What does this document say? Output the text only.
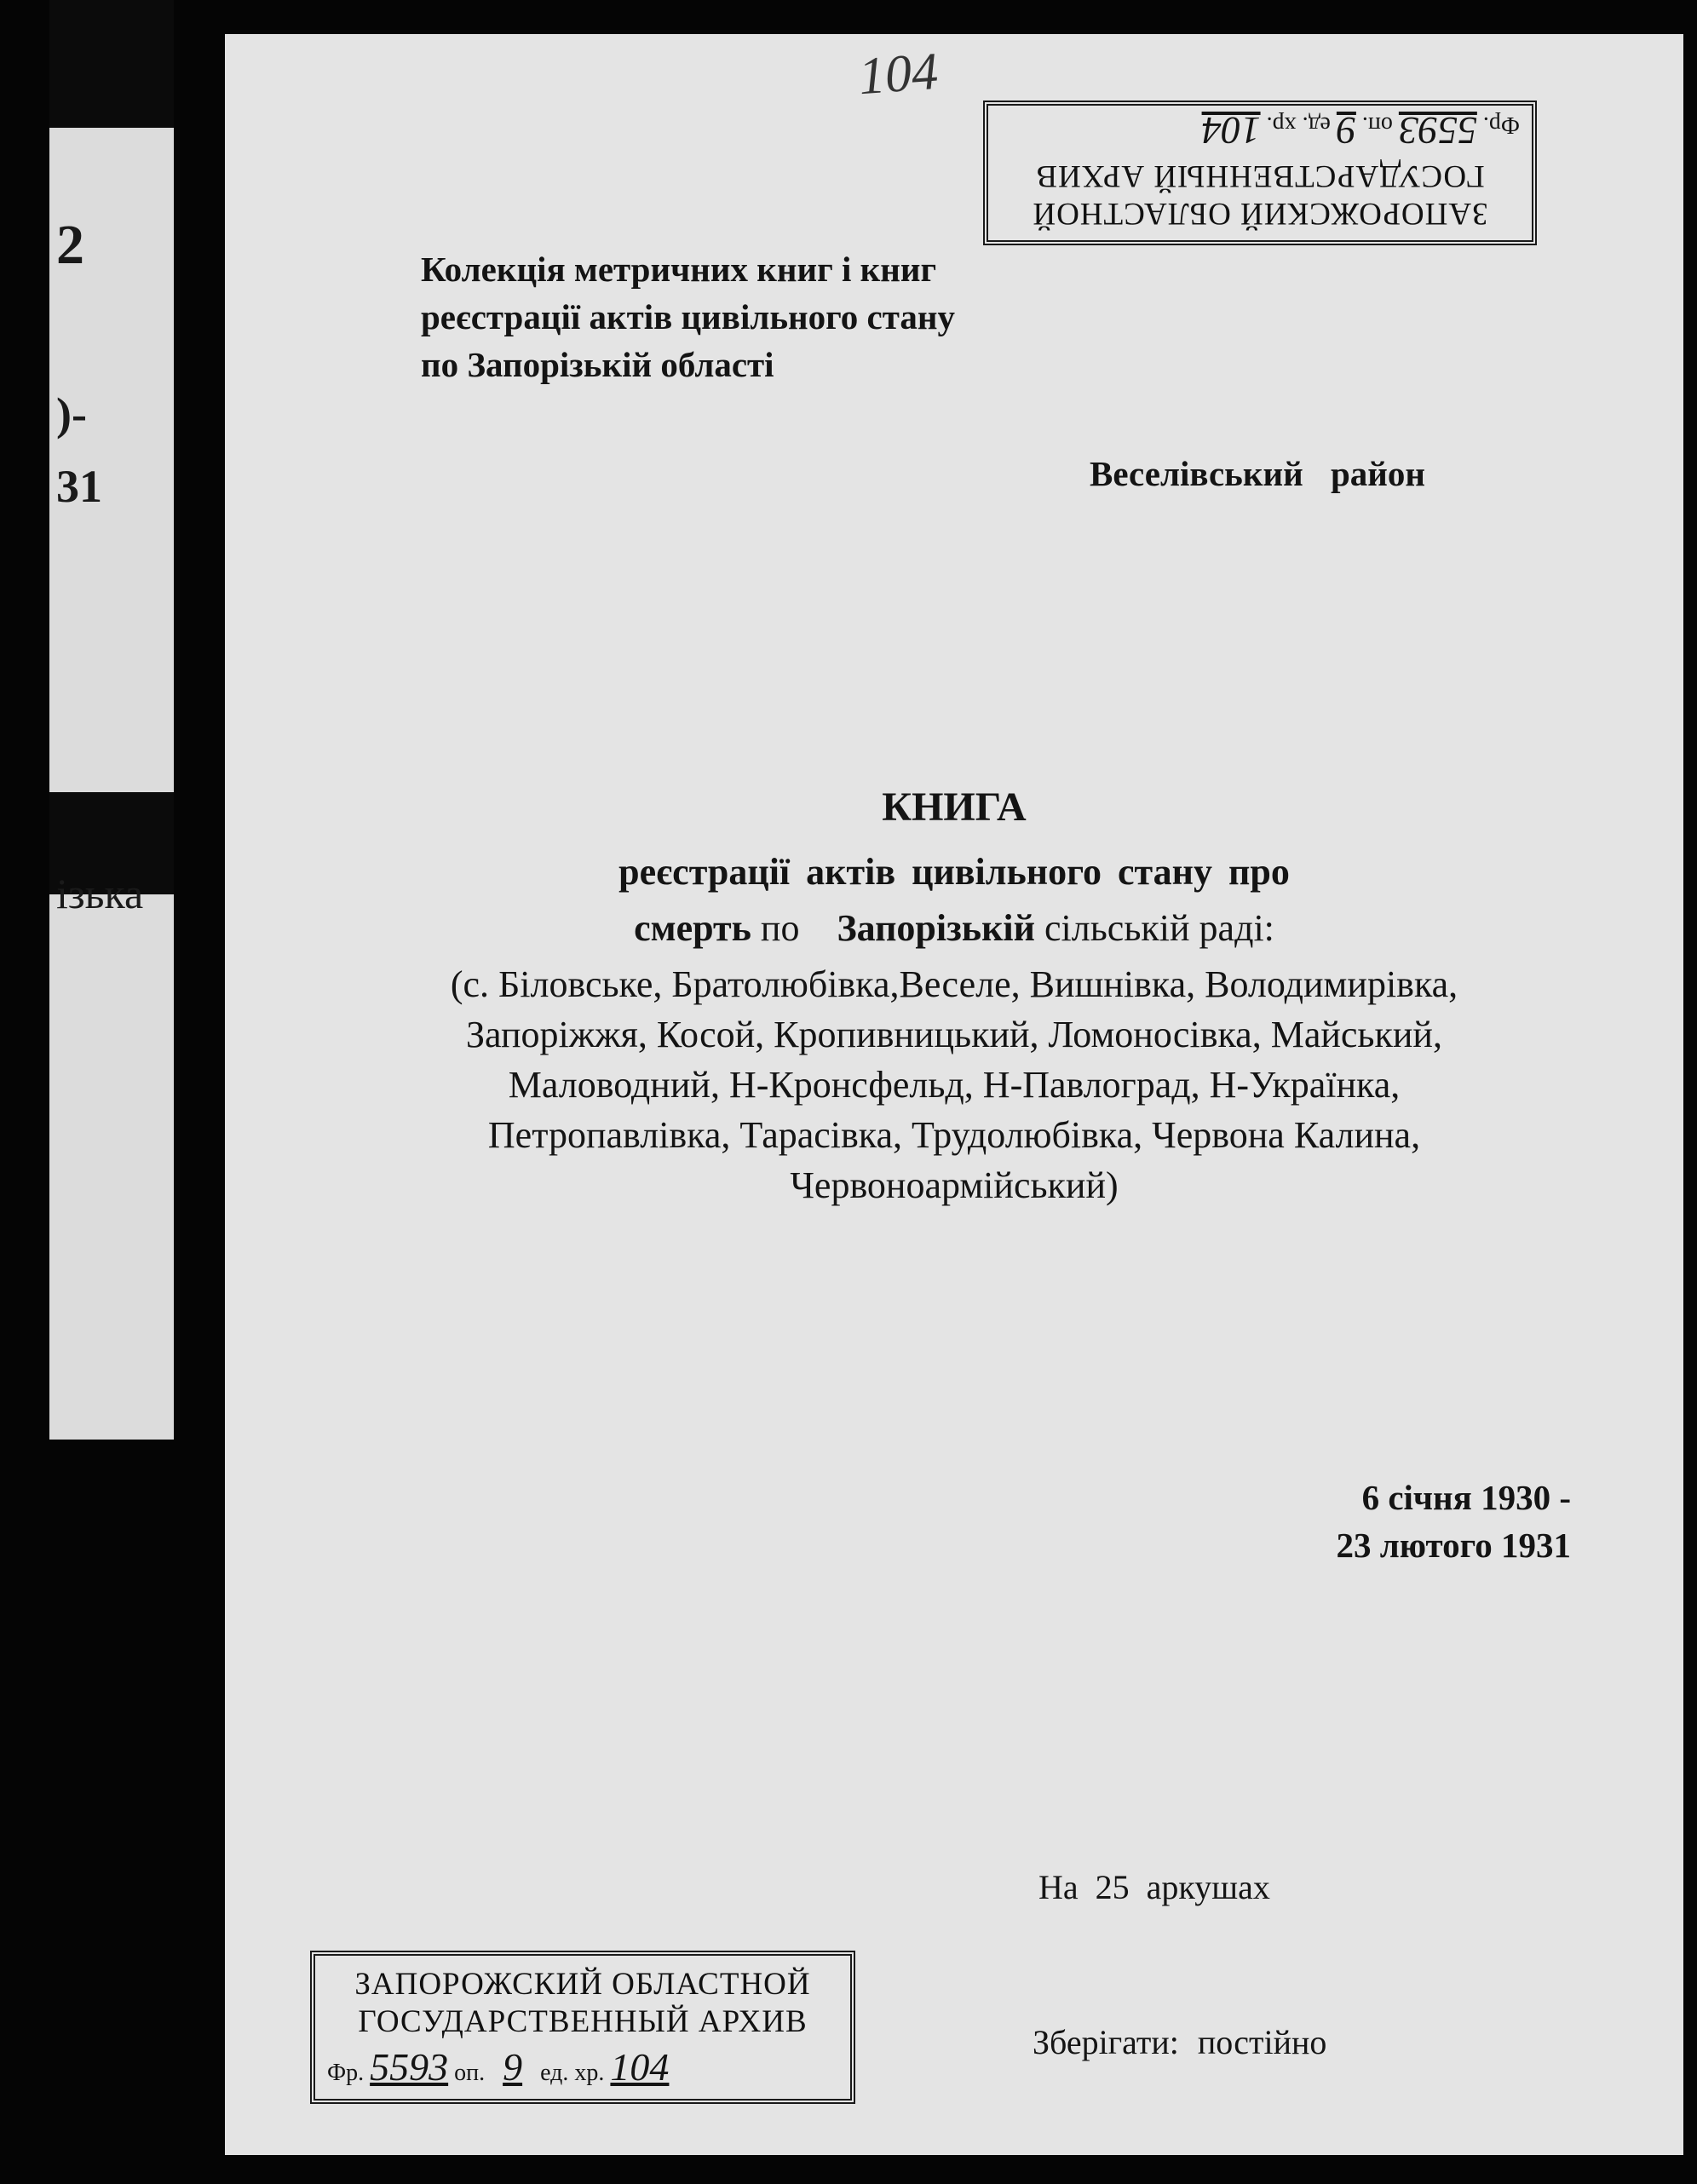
2
)-
31
ізька
104
ЗАПОРОЖСКИЙ ОБЛАСТНОЙ
ГОСУДАРСТВЕННЫЙ АРХИВ
Фр. 5593 оп. 9 ед. хр. 104
Колекція метричних книг і книг
реєстрації актів цивільного стану
по Запорізькій області
Веселівський район
КНИГА
реєстрації актів цивільного стану про
смерть по Запорізькій сільській раді:
(с. Біловське, Братолюбівка,Веселе, Вишнівка, Володимирівка,
Запоріжжя, Косой, Кропивницький, Ломоносівка, Майський,
Маловодний, Н-Кронсфельд, Н-Павлоград, Н-Українка,
Петропавлівка, Тарасівка, Трудолюбівка, Червона Калина,
Червоноармійський)
6 січня 1930 -
23 лютого 1931
На 25 аркушах
Зберігати: постійно
ЗАПОРОЖСКИЙ ОБЛАСТНОЙ
ГОСУДАРСТВЕННЫЙ АРХИВ
Фр. 5593 оп. 9 ед. хр. 104
